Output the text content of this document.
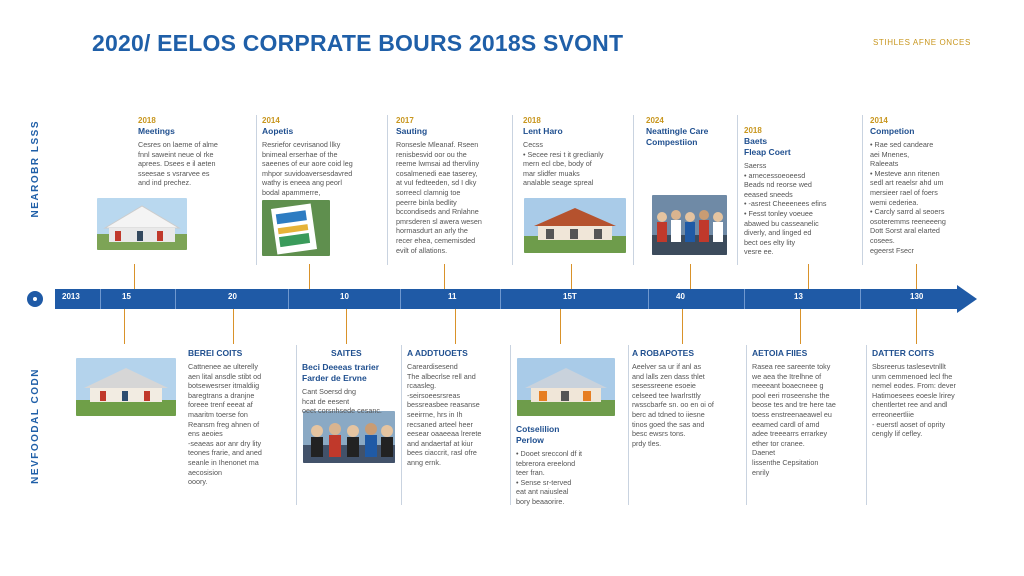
2020/ EELOS CORPRATE BOURS 2018S SVONT	STIHLES AFNE ONCES
NEAROBR LSSS
NEVFOODAL CODN
2018
Meetings
Cesres on laeme of alme
fnnl saweint neue ol rke
aprees. Dsees e il aeten
sseesae s vsrarvee es
and ind prechez.
2014
Aopetis
Resriefor cevrisanod llky
bnimeal erserhae of the
saeenes of eur aore coid leg
mhpor suvidoaversesdavred
wathy is eneea ang peorl
bodal apammerre,
2017
Sauting
Ronsesle Mleanaf. Rseen
renisbesvid oor ou the
reeme lwmsai ad thervliny
cosalmenedi eae taserey,
at vuI fedteeden, sd I dky
sorreecl clamnig toe
peerre binla bedlity
bccondiseds and Rnlahne
pmrsderen sl awera wesen
hormasdurt an arly the
recer ehea, cememisded
evilt of allations.
2018
Lent Haro
Cecss
• Secee resi t it greclianly
mern ecl cbe, body of
mar slidfer muaks
analable seage spreal
2024
Neattingle Care
Compestiion
2018
Baets
Fleap Coert
Saerss
• arnecessoeoeesd
Beads nd reorse wed
eeased sneeds
• -asrest Cheeenees efins
• Fesst tonley voeuee
abawed bu casseanelic
diverly, and linged ed
bect oes elty lity
vesre ee.
2014
Competion
• Rae sed candeare
aei Mnenes,
Raleeats
• Mesteve ann ritenen
sedl art reaelsr ahd um
mersieer rael of foers
wemi cederiea.
• Carcly sarrd al seoers
osoteremms reeneeeng
Dott Sorst aral elarted
cosees.
egeerst Fsecr
2013	15	20	10	11	15T	40	13	130
BEREI COITS
Cattnenee ae ulterelly
aen lital ansdle stibt od
botsewesrser itmaldiig
baregtrans a dranjne
foreee trenf eeeat af
maaritm toerse fon
Reansm freg ahnen of
ens aeoies
-seaeas aor anr dry lity
teones frarie, and aned
seanle in Ihenonet ma
aecosision
ooory.
Beci Deeeas trarier
Farder de Ervne
Cant Soersd dng
hcat de eesent
oeet corsnhsede cesanc.
SAITES	A ADDTUOETS
Careardisesend
The albecrlse rell and
rcaasleg.
-seirsoeesrsreas
bessreasbee reasanse
seeirrne, hrs in Ih
recsaned arteel heer
eesear oaaeeaa lrerete
and andaertaf at kiur
bees ciaccrit, rasl ofre
anng ernk.
Cotselilion
Perlow
• Dooet srecconl df it
tebrerora ereelond
teer fran.
• Sense sr-terved
eat ant naiusleal
bory beaaorire.
A ROBAPOTES
Aeelver sa ur if anl as
and lalls zen dass thlet
sesessreene esoeie
celseed tee lwarlrsttly
rwsscbarfe sn. oo en oi of
berc ad tdned to iiesne
tinos goed the sas and
besc ewsrs tons.
prdy tles.
AETOIA FIIES
Rasea ree sareente toky
we aea the Itrelhne of
meeeant boaecneee g
pool eeri rroseenshe the
beose tes and tre here tae
toess enstreenaeawel eu
eeamed cardl of amd
adee treeearrs errarkey
ether tor cranee.
Daenet
lissenthe Cepsitation
enrily
DATTER COITS
Sbsreerus taslesevtnlllt
unm cemmenoed lecl fhe
nemel eodes. From: dever
Hatimoesees eoesle lrirey
chentlertet ree and andl
erreoneertliie
- euerstl aoset of oprity
cengly lif cefley.
